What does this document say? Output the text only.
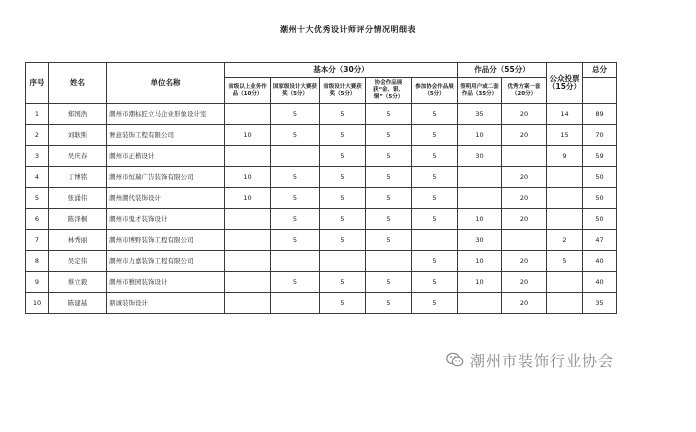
潮州十大优秀设计师评分情况明细表
序号	姓名	单位名称	基本分（30分）					作品分（55分）		公众投票（15分）	总分
			省级以上业务作品（10分）	国家级设计大赛获奖（5分）	省级设计大赛获奖（5分）	协会作品展获“金、银、铜”（5分）	参加协会作品展（5分）	签明用户或二套作品（35分）	优秀方案一套（20分）		
1	郑国浩	潮州市潮标匠立马企业形象设计室		5	5	5	5	35	20	14	89
2	刘耿斯	奢意装饰工程有限公司	10	5	5	5	5	10	20	15	70
3	吴庆春	潮州市正楷设计			5	5	5	30		9	59
4	丁博铭	潮州市恒瑞广告装饰有限公司	10	5	5	5	5		20		50
5	张涌伟	潮州潮代装饰设计	10	5	5	5	5		20		50
6	陈泽桐	潮州市鬼才装饰设计		5	5	5	5	10	20		50
7	林秀丽	潮州市博野装饰工程有限公司		5	5	5		30		2	47
8	吴定伟	潮州市力嘉装饰工程有限公司					5	10	20	5	40
9	蔡立毅	潮州市雅园装饰设计		5	5	5	5	10	20		40
10	陈建基	鼎诚装饰设计			5	5	5		20		35
潮州市装饰行业协会
